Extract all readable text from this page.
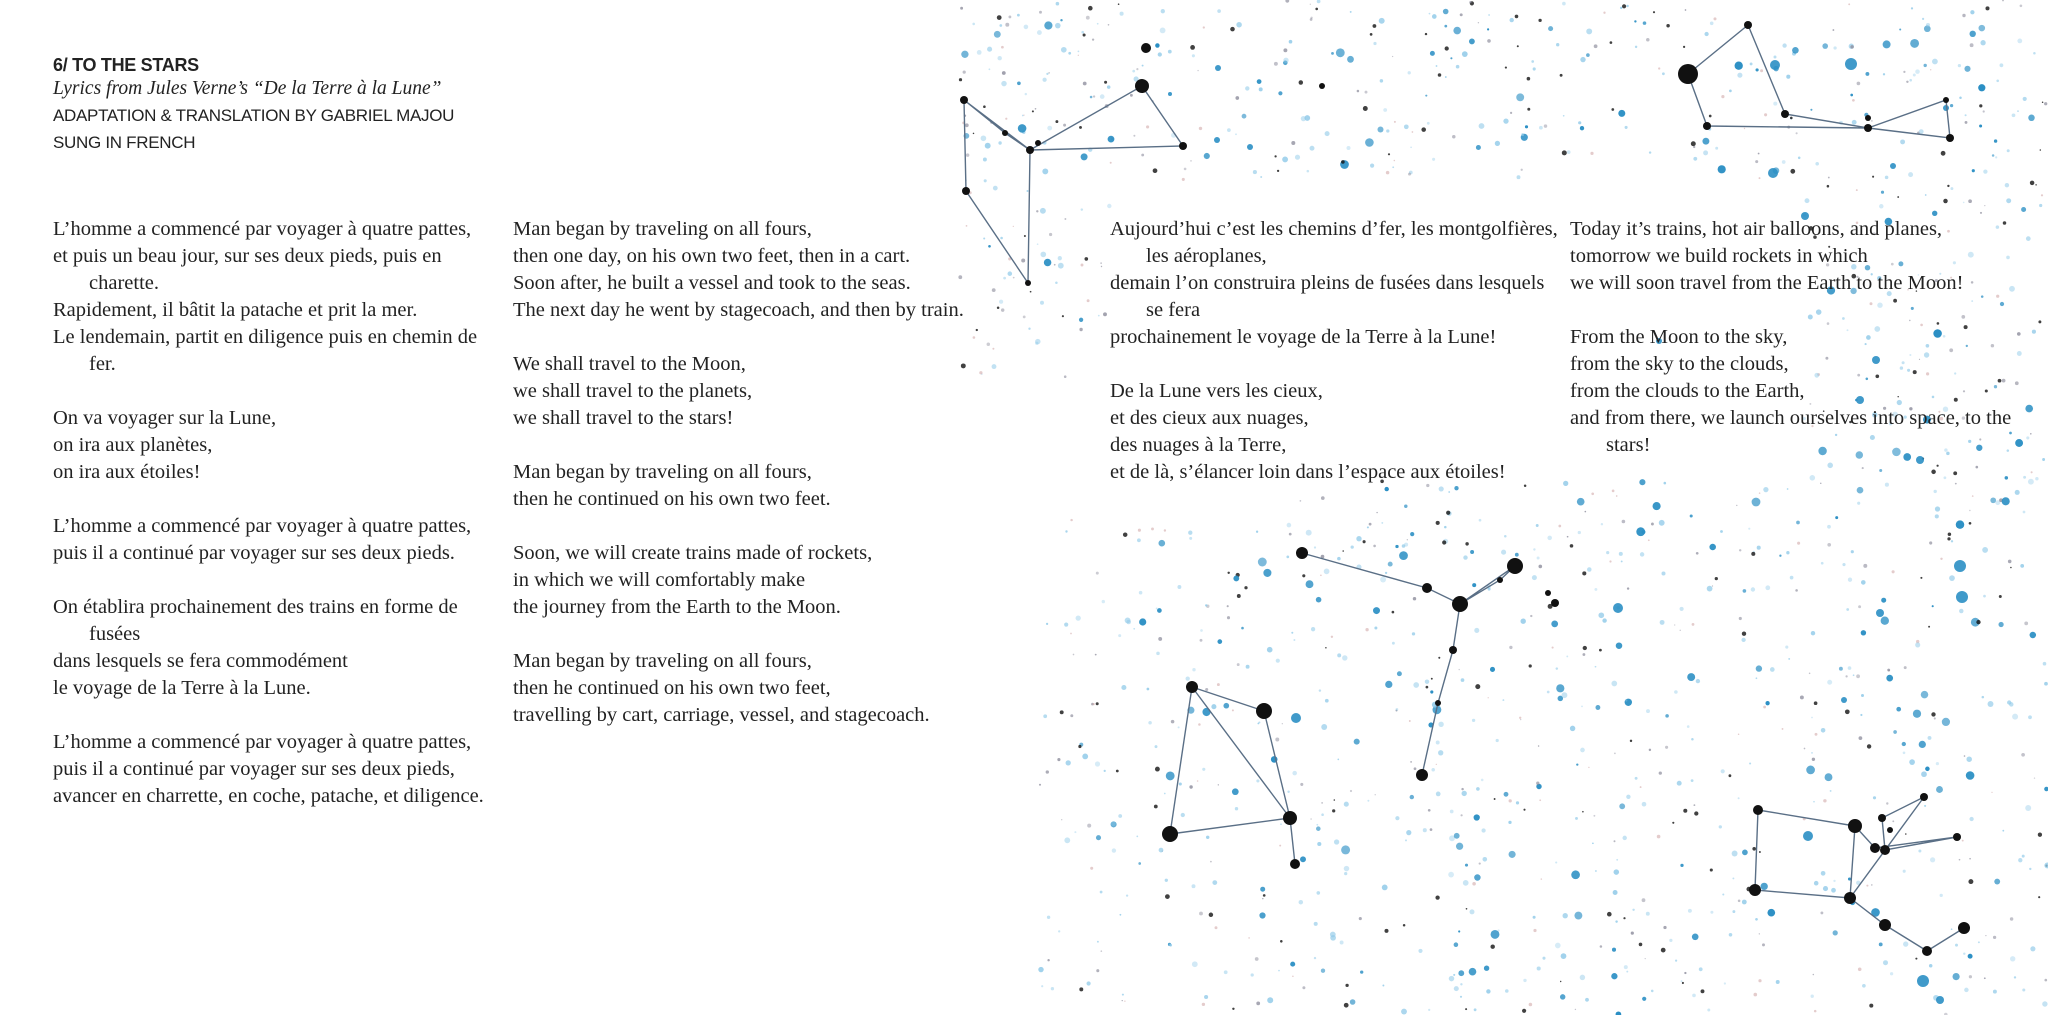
6/ TO THE STARS
Lyrics from Jules Verne’s “De la Terre à la Lune”
ADAPTATION & TRANSLATION BY GABRIEL MAJOU
SUNG IN FRENCH
L’homme a commencé par voyager à quatre pattes,
et puis un beau jour, sur ses deux pieds, puis en charette.
Rapidement, il bâtit la patache et prit la mer.
Le lendemain, partit en diligence puis en chemin de fer.
On va voyager sur la Lune,
on ira aux planètes,
on ira aux étoiles!
L’homme a commencé par voyager à quatre pattes,
puis il a continué par voyager sur ses deux pieds.
On établira prochainement des trains en forme de fusées
dans lesquels se fera commodément
le voyage de la Terre à la Lune.
L’homme a commencé par voyager à quatre pattes,
puis il a continué par voyager sur ses deux pieds,
avancer en charrette, en coche, patache, et diligence.
Man began by traveling on all fours,
then one day, on his own two feet, then in a cart.
Soon after, he built a vessel and took to the seas.
The next day he went by stagecoach, and then by train.
We shall travel to the Moon,
we shall travel to the planets,
we shall travel to the stars!
Man began by traveling on all fours,
then he continued on his own two feet.
Soon, we will create trains made of rockets,
in which we will comfortably make
the journey from the Earth to the Moon.
Man began by traveling on all fours,
then he continued on his own two feet,
travelling by cart, carriage, vessel, and stagecoach.
Aujourd’hui c’est les chemins d’fer, les montgolfières, les aéroplanes,
demain l’on construira pleins de fusées dans lesquels se fera
prochainement le voyage de la Terre à la Lune!
De la Lune vers les cieux,
et des cieux aux nuages,
des nuages à la Terre,
et de là, s’élancer loin dans l’espace aux étoiles!
Today it’s trains, hot air balloons, and planes,
tomorrow we build rockets in which
we will soon travel from the Earth to the Moon!
From the Moon to the sky,
from the sky to the clouds,
from the clouds to the Earth,
and from there, we launch ourselves into space, to the stars!
